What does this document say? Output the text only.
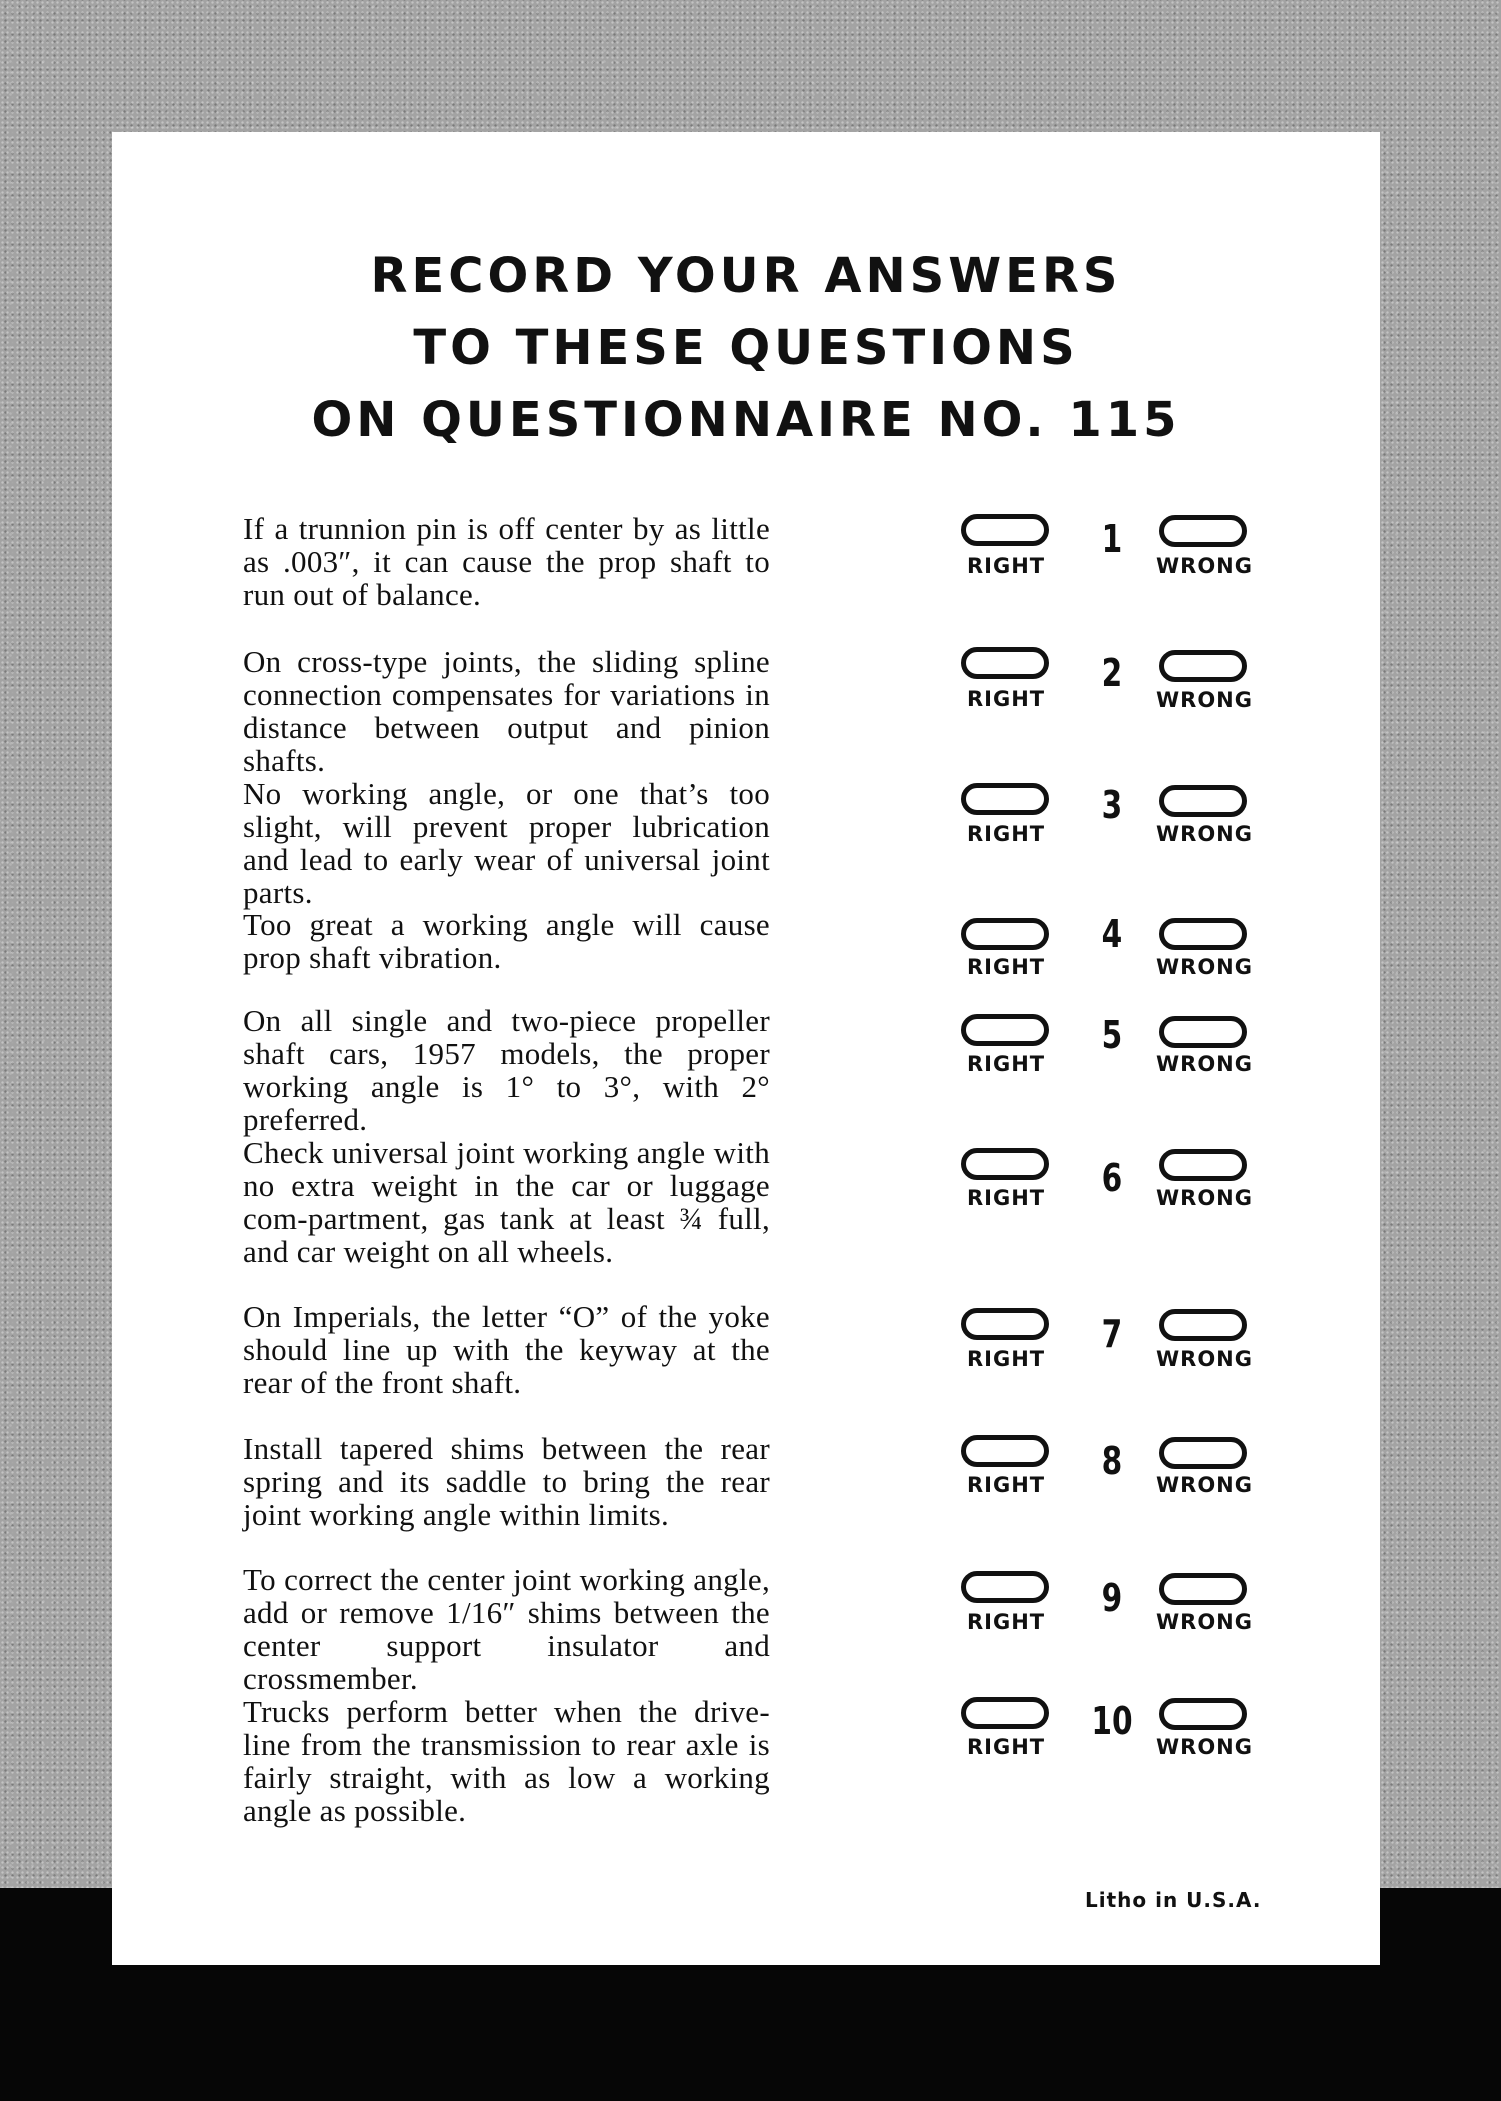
RECORD YOUR ANSWERS
TO THESE QUESTIONS
ON QUESTIONNAIRE NO. 115
If a trunnion pin is off center by as little as .003″, it can cause the prop shaft to run out of balance.
RIGHT
1
WRONG
On cross-type joints, the sliding spline connection compensates for variations in distance between output and pinion shafts.
RIGHT
2
WRONG
No working angle, or one that’s too slight, will prevent proper lubrication and lead to early wear of universal joint parts.
RIGHT
3
WRONG
Too great a working angle will cause prop shaft vibration.	RIGHT
4
WRONG
On all single and two-piece propeller shaft cars, 1957 models, the proper working angle is 1° to 3°, with 2° preferred.
RIGHT
5
WRONG
Check universal joint working angle with no extra weight in the car or luggage com-partment, gas tank at least ¾ full, and car weight on all wheels.
RIGHT	6	WRONG
On Imperials, the letter “O” of the yoke should line up with the keyway at the rear of the front shaft.
RIGHT
7
WRONG
Install tapered shims between the rear spring and its saddle to bring the rear joint working angle within limits.
RIGHT
8
WRONG
To correct the center joint working angle, add or remove 1/16″ shims between the center support insulator and crossmember.
RIGHT
9
WRONG
Trucks perform better when the drive-line from the transmission to rear axle is fairly straight, with as low a working angle as possible.
RIGHT
10
WRONG
Litho in U.S.A.
